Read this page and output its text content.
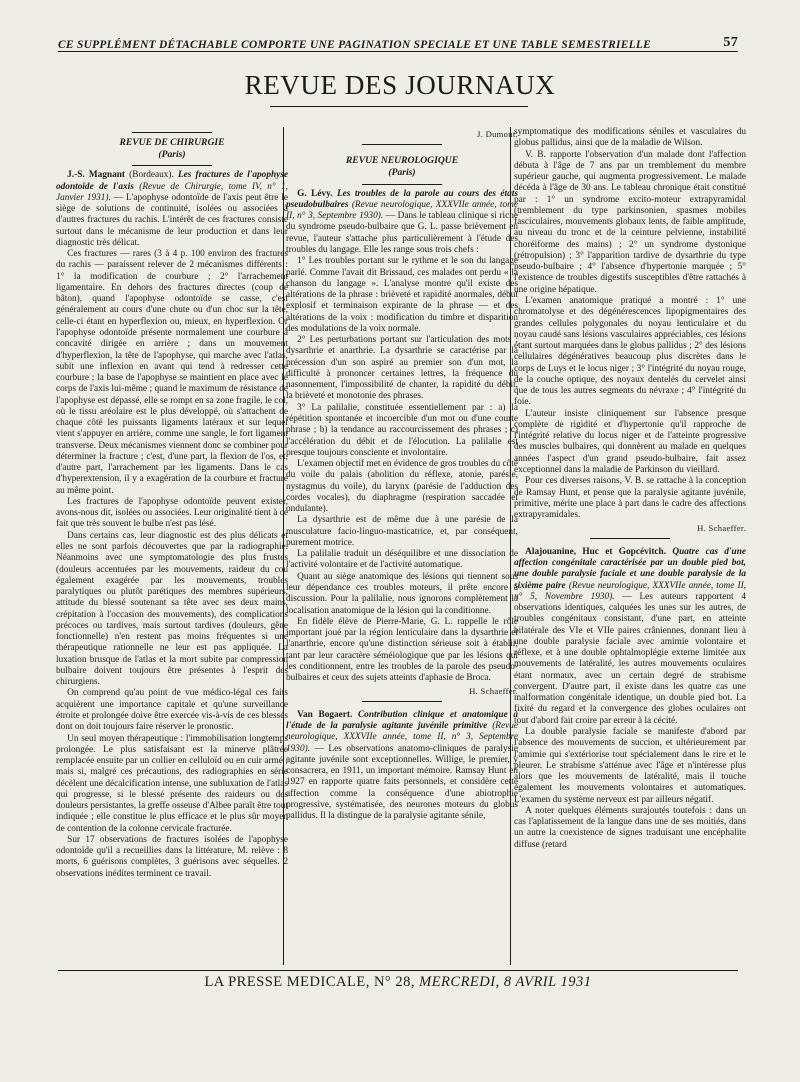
CE SUPPLÉMENT DÉTACHABLE COMPORTE UNE PAGINATION SPECIALE ET UNE TABLE SEMESTRIELLE	57
REVUE DES JOURNAUX
REVUE DE CHIRURGIE
(Paris)

J.-S. Magnant (Bordeaux). Les fractures de l'apophyse odontoïde de l'axis (Revue de Chirurgie, tome IV, n° 1, Janvier 1931). — L'apophyse odontoïde de l'axis peut être le siège de solutions de continuité, isolées ou associées à d'autres fractures du rachis. L'intérêt de ces fractures consiste surtout dans le mécanisme de leur production et dans leur diagnostic très délicat.

Ces fractures — rares (3 à 4 p. 100 environ des fractures du rachis — paraissent relever de 2 mécanismes différents : 1° la modification de courbure ; 2° l'arrachement ligamentaire. En dehors des fractures directes (coup de bâton), quand l'apophyse odontoïde se casse, c'est généralement au cours d'une chute ou d'un choc sur la tête, celle-ci étant en hyperflexion ou, mieux, en hyperflexion. Or l'apophyse odontoïde présente normalement une courbure à concavité dirigée en arrière ; dans un mouvement d'hyperflexion, la tête de l'apophyse, qui marche avec l'atlas, subit une inflexion en avant qui tend à redresser cette courbure ; la base de l'apophyse se maintient en place avec le corps de l'axis lui-même ; quand le maximum de résistance de l'apophyse est dépassé, elle se rompt en sa zone fragile, le col, où le tissu aréolaire est le plus développé, où s'attachent de chaque côté les puissants ligaments latéraux et sur lequel vient s'appuyer en arrière, comme une sangle, le fort ligament transverse. Deux mécanismes viennent donc se combiner pour déterminer la fracture ; c'est, d'une part, la flexion de l'os, et, d'autre part, l'arrachement par les ligaments. Dans le cas d'hyperextension, il y a exagération de la courbure et fracture au même point.

Les fractures de l'apophyse odontoïde peuvent exister, avons-nous dit, isolées ou associées. Leur originalité tient à ce fait que très souvent le bulbe n'est pas lésé.

Dans certains cas, leur diagnostic est des plus délicats et elles ne sont parfois découvertes que par la radiographie. Néanmoins avec une symptomatologie des plus frustes (douleurs accentuées par les mouvements, raideur du cou également exagérée par les mouvements, troubles paralytiques ou plutôt parétiques des membres supérieurs, attitude du blessé soutenant sa tête avec ses deux mains, crépitation à l'occasion des mouvements), des complications précoces ou tardives, mais surtout tardives (douleurs, gêne fonctionnelle) n'en restent pas moins fréquentes si une thérapeutique rationnelle ne leur est pas appliquée. La luxation brusque de l'atlas et la mort subite par compression bulbaire doivent toujours être présentes à l'esprit des chirurgiens.

On comprend qu'au point de vue médico-légal ces faits acquièrent une importance capitale et qu'une surveillance étroite et prolongée doive être exercée vis-à-vis de ces blessés dont on doit toujours faire réserver le pronostic.

Un seul moyen thérapeutique : l'immobilisation longtemps prolongée. Le plus satisfaisant est la minerve plâtrée remplacée ensuite par un collier en celluloïd ou en cuir armé ; mais si, malgré ces précautions, des radiographies en série décèlent une décalcification intense, une subluxation de l'atlas qui progresse, si le blessé présente des raideurs ou des douleurs persistantes, la greffe osseuse d'Albee paraît être tout indiquée ; elle constitue le plus efficace et le plus sûr moyen de contention de la colonne cervicale fracturée.

Sur 17 observations de fractures isolées de l'apophyse odontoïde qu'il a recueillies dans la littérature, M. relève : 8 morts, 6 guérisons complètes, 3 guérisons avec séquelles. 2 observations inédites terminent ce travail.

J. Dumont.
REVUE NEUROLOGIQUE
(Paris)

G. Lévy. Les troubles de la parole au cours des états pseudobulbaires (Revue neurologique, XXXVIIe année, tome II, n° 3, Septembre 1930). — Dans le tableau clinique si riche du syndrome pseudo-bulbaire que G. L. passe brièvement en revue, l'auteur s'attache plus particulièrement à l'étude des troubles du langage. Elle les range sous trois chefs :

1° Les troubles portant sur le rythme et le son du langage parlé. Comme l'avait dit Brissaud, ces malades ont perdu « la chanson du langage ». L'analyse montre qu'il existe des altérations de la phrase : brièveté et rapidité anormales, début explosif et terminaison expirante de la phrase — et des altérations de la voix : modification du timbre et disparition des modulations de la voix normale.

2° Les perturbations portant sur l'articulation des mots : dysarthrie et anarthrie. La dysarthrie se caractérise par la précession d'un son aspiré au premier son d'un mot, la difficulté à prononcer certaines lettres, la fréquence du nasonnement, l'impossibilité de chanter, la rapidité du débit, la brièveté et monotonie des phrases.

3° La palilalie, constituée essentiellement par : a) la répétition spontanée et incoercible d'un mot ou d'une courte phrase ; b) la tendance au raccourcissement des phrases ; c) l'accélération du débit et de l'élocution. La palilalie est presque toujours consciente et involontaire.

L'examen objectif met en évidence de gros troubles du côté du voile du palais (abolition du réflexe, atonie, parésie, nystagmus du voile), du larynx (parésie de l'adduction des cordes vocales), du diaphragme (respiration saccadée et ondulante).

La dysarthrie est de même due à une parésie de la musculature facio-linguo-masticatrice, et, par conséquent, purement motrice.

La palilalie traduit un déséquilibre et une dissociation de l'activité volontaire et de l'activité automatique.

Quant au siège anatomique des lésions qui tiennent sous leur dépendance ces troubles moteurs, il prête encore à discussion. Pour la palilalie, nous ignorons complètement la localisation anatomique de la lésion qui la conditionne.

En fidèle élève de Pierre-Marie, G. L. rappelle le rôle important joué par la région lenticulaire dans la dysarthrie et l'anarthrie, encore qu'une distinction sérieuse soit à établir, tant par leur caractère séméiologique que par les lésions qui les conditionnent, entre les troubles de la parole des pseudo-bulbaires et ceux des sujets atteints d'aphasie de Broca.

H. Schaeffer.

Van Bogaert. Contribution clinique et anatomique à l'étude de la paralysie agitante juvénile primitive (Revue neurologique, XXXVIIe année, tome II, n° 3, Septembre 1930). — Les observations anatomo-cliniques de paralysie agitante juvénile sont exceptionnelles. Willige, le premier, y consacrera, en 1911, un important mémoire. Ramsay Hunt en 1927 en rapporte quatre faits personnels, et considère cette affection comme la conséquence d'une abiotrophie progressive, systématisée, des neurones moteurs du globus pallidus. Il la distingue de la paralysie agitante sénile,

symptomatique des modifications séniles et vasculaires du globus pallidus, ainsi que de la maladie de Wilson.

V. B. rapporte l'observation d'un malade dont l'affection débuta à l'âge de 7 ans par un tremblement du membre supérieur gauche, qui augmenta progressivement. Le malade décéda à l'âge de 30 ans. Le tableau chronique était constitué par : 1° un syndrome excito-moteur extrapyramidal (tremblement du type parkinsonien, spasmes mobiles fasciculaires, mouvements globaux lents, de faible amplitude, au niveau du tronc et de la ceinture pelvienne, instabilité choréiforme des mains) ; 2° un syndrome dystonique (rétropulsion) ; 3° l'apparition tardive de dysarthrie du type pseudo-bulbaire ; 4° l'absence d'hypertonie marquée ; 5° l'existence de troubles digestifs susceptibles d'être rattachés à une origine hépatique.

L'examen anatomique pratiqué a montré : 1° une chromatolyse et des dégénérescences lipopigmentaires des grandes cellules polygonales du noyau lenticulaire et du noyau caudé sans lésions vasculaires appréciables, ces lésions étant surtout marquées dans le globus pallidus ; 2° des lésions cellulaires dégénératives beaucoup plus discrètes dans le corps de Luys et le locus niger ; 3° l'intégrité du noyau rouge, de la couche optique, des noyaux dentelés du cervelet ainsi que de tous les autres segments du névraxe ; 4° l'intégrité du foie.

L'auteur insiste cliniquement sur l'absence presque complète de rigidité et d'hypertonie qu'il rapproche de l'intégrité relative du locus niger et de l'atteinte progressive des muscles bulbaires, qui donnèrent au malade en quelques années l'aspect d'un grand pseudo-bulbaire, fait assez exceptionnel dans la maladie de Parkinson du vieillard.

Pour ces diverses raisons, V. B. se rattache à la conception de Ramsay Hunt, et pense que la paralysie agitante juvénile, primitive, mérite une place à part dans le cadre des affections extrapyramidales.

H. Schaeffer.

Alajouanine, Huc et Gopcévitch. Quatre cas d'une affection congénitale caractérisée par un double pied bot, une double paralysie faciale et une double paralysie de la sixième paire (Revue neurologique, XXXVIIe année, tome II, n° 5, Novembre 1930). — Les auteurs rapportent 4 observations identiques, calquées les unes sur les autres, de troubles congénitaux consistant, d'une part, en atteinte bilatérale des VIe et VIIe paires crâniennes, donnant lieu à une double paralysie faciale avec amimie volontaire et réflexe, et à une double ophtalmoplégie externe limitée aux mouvements de latéralité, les autres mouvements oculaires étant normaux, avec un certain degré de strabisme convergent. D'autre part, il existe dans les quatre cas une malformation congénitale identique, un double pied bot. La fixité du regard et la convergence des globes oculaires ont tout d'abord fait croire par erreur à la cécité.

La double paralysie faciale se manifeste d'abord par l'absence des mouvements de succion, et ultérieurement par l'amimie qui s'extériorise tout spécialement dans le rire et le pleurer. Le strabisme s'atténue avec l'âge et n'intéresse plus alors que les mouvements de latéralité, mais il touche également les mouvements volontaires et automatiques. L'examen du système nerveux est par ailleurs négatif.

A noter quelques éléments surajoutés toutefois : dans un cas l'aplatissement de la langue dans une de ses moitiés, dans un autre la coexistence de signes traduisant une encéphalite diffuse (retard

LA PRESSE MEDICALE, N° 28, MERCREDI, 8 AVRIL 1931
